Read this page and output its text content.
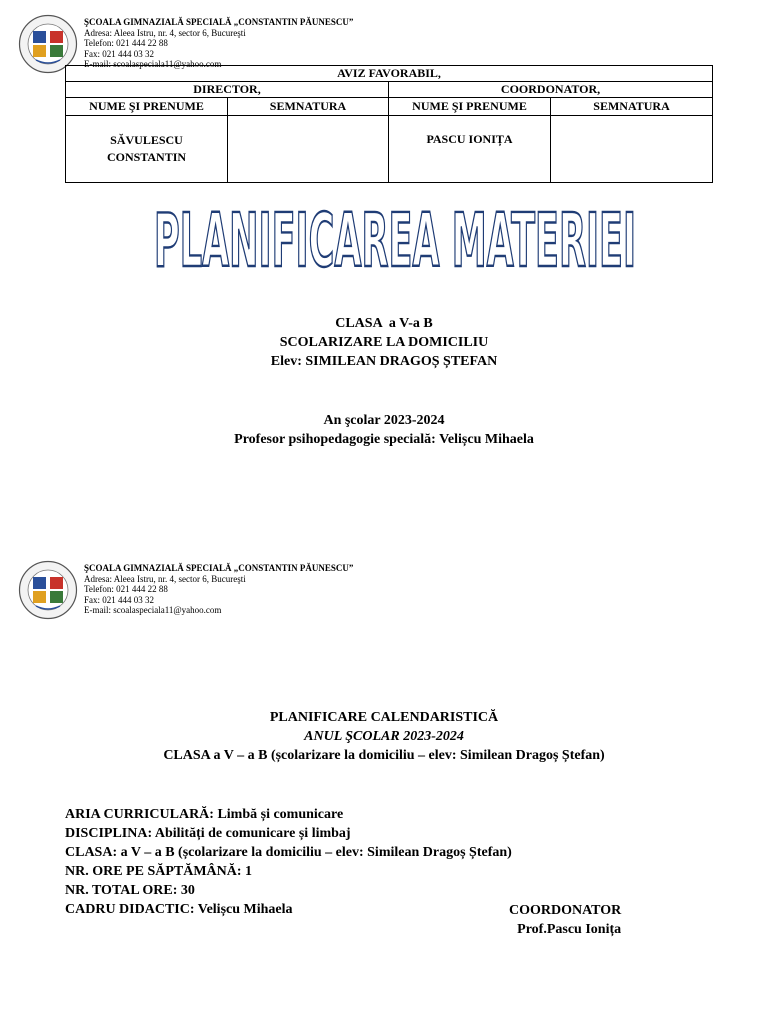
ŞCOALA GIMNAZIALĂ SPECIALĂ „CONSTANTIN PĂUNESCU”
Adresa: Aleea Istru, nr. 4, sector 6, Bucureşti
Telefon: 021 444 22 88
Fax: 021 444 03 32
E-mail: scoalaspeciala11@yahoo.com
AVIZ FAVORABIL,			
DIRECTOR,		COORDONATOR,	
NUME ŞI PRENUME	SEMNATURA	NUME ŞI PRENUME	SEMNATURA

SĂVULESCU
CONSTANTIN		PASCU IONIȚA	
PLANIFICAREA MATERIEI
CLASA  a V-a B
SCOLARIZARE LA DOMICILIU
Elev: SIMILEAN DRAGOȘ ȘTEFAN
An şcolar 2023-2024
Profesor psihopedagogie specială: Velișcu Mihaela
ŞCOALA GIMNAZIALĂ SPECIALĂ „CONSTANTIN PĂUNESCU”
Adresa: Aleea Istru, nr. 4, sector 6, Bucureşti
Telefon: 021 444 22 88
Fax: 021 444 03 32
E-mail: scoalaspeciala11@yahoo.com
PLANIFICARE CALENDARISTICĂ
ANUL ŞCOLAR 2023-2024
CLASA a V – a B (școlarizare la domiciliu – elev: Similean Dragoș Ștefan)
ARIA CURRICULARĂ: Limbă și comunicare
DISCIPLINA: Abilități de comunicare și limbaj
CLASA: a V – a B (școlarizare la domiciliu – elev: Similean Dragoș Ștefan)
NR. ORE PE SĂPTĂMÂNĂ: 1
NR. TOTAL ORE: 30
CADRU DIDACTIC: Velișcu Mihaela	COORDONATOR
Prof.Pascu Ionița
